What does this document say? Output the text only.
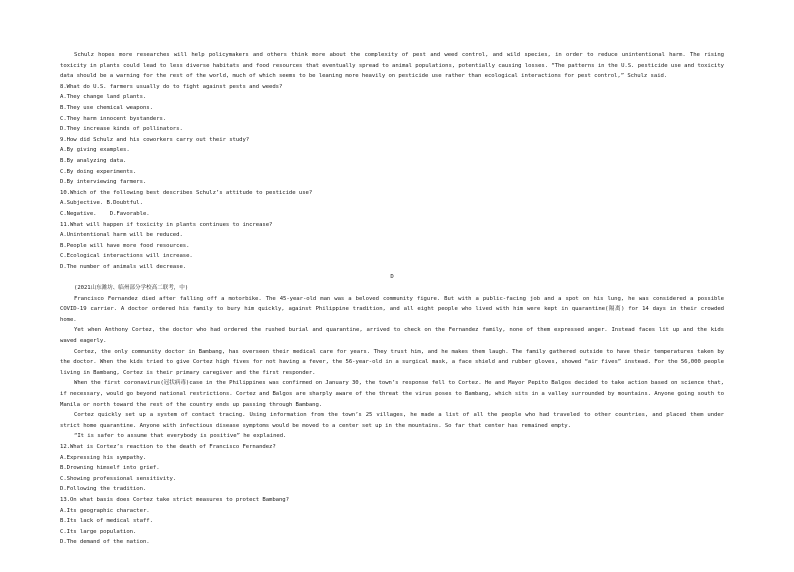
Schulz hopes more researches will help policymakers and others think more about the complexity of pest and weed control, and wild species, in order to reduce unintentional harm. The rising toxicity in plants could lead to less diverse habitats and food resources that eventually spread to animal populations, potentially causing losses. “The patterns in the U.S. pesticide use and toxicity data should be a warning for the rest of the world, much of which seems to be leaning more heavily on pesticide use rather than ecological interactions for pest control,” Schulz said.

8.What do U.S. farmers usually do to fight against pests and weeds?

A.They change land plants.

B.They use chemical weapons.

C.They harm innocent bystanders.

D.They increase kinds of pollinators.

9.How did Schulz and his coworkers carry out their study?

A.By giving examples.

B.By analyzing data.

C.By doing experiments.

D.By interviewing farmers.

10.Which of the following best describes Schulz’s attitude to pesticide use?

A.Subjective. B.Doubtful.

C.Negative.    D.Favorable.

11.What will happen if toxicity in plants continues to increase?

A.Unintentional harm will be reduced.

B.People will have more food resources.

C.Ecological interactions will increase.

D.The number of animals will decrease.

D

(2021山东潍坊、临州部分学校高二联考，中)

Francisco Fernandez died after falling off a motorbike. The 45-year-old man was a beloved community figure. But with a public-facing job and a spot on his lung, he was considered a possible COVID-19 carrier. A doctor ordered his family to bury him quickly, against Philippine tradition, and all eight people who lived with him were kept in quarantine(隔离) for 14 days in their crowded home.

Yet when Anthony Cortez, the doctor who had ordered the rushed burial and quarantine, arrived to check on the Fernandez family, none of them expressed anger. Instead faces lit up and the kids waved eagerly.

Cortez, the only community doctor in Bambang, has overseen their medical care for years. They trust him, and he makes them laugh. The family gathered outside to have their temperatures taken by the doctor. When the kids tried to give Cortez high fives for not having a fever, the 56-year-old in a surgical mask, a face shield and rubber gloves, showed “air fives” instead. For the 56,000 people living in Bambang, Cortez is their primary caregiver and the first responder.

When the first coronavirus(冠状病毒)case in the Philippines was confirmed on January 30, the town’s response fell to Cortez. He and Mayor Pepito Balgos decided to take action based on science that, if necessary, would go beyond national restrictions. Cortez and Balgos are sharply aware of the threat the virus poses to Bambang, which sits in a valley surrounded by mountains. Anyone going south to Manila or north toward the rest of the country ends up passing through Bambang.

Cortez quickly set up a system of contact tracing. Using information from the town’s 25 villages, he made a list of all the people who had traveled to other countries, and placed them under strict home quarantine. Anyone with infectious disease symptoms would be moved to a center set up in the mountains. So far that center has remained empty.

“It is safer to assume that everybody is positive” he explained.

12.What is Cortez’s reaction to the death of Francisco Fernandez?

A.Expressing his sympathy.

B.Drowning himself into grief.

C.Showing professional sensitivity.

D.Following the tradition.

13.On what basis does Cortez take strict measures to protect Bambang?

A.Its geographic character.

B.Its lack of medical staff.

C.Its large population.

D.The demand of the nation.
